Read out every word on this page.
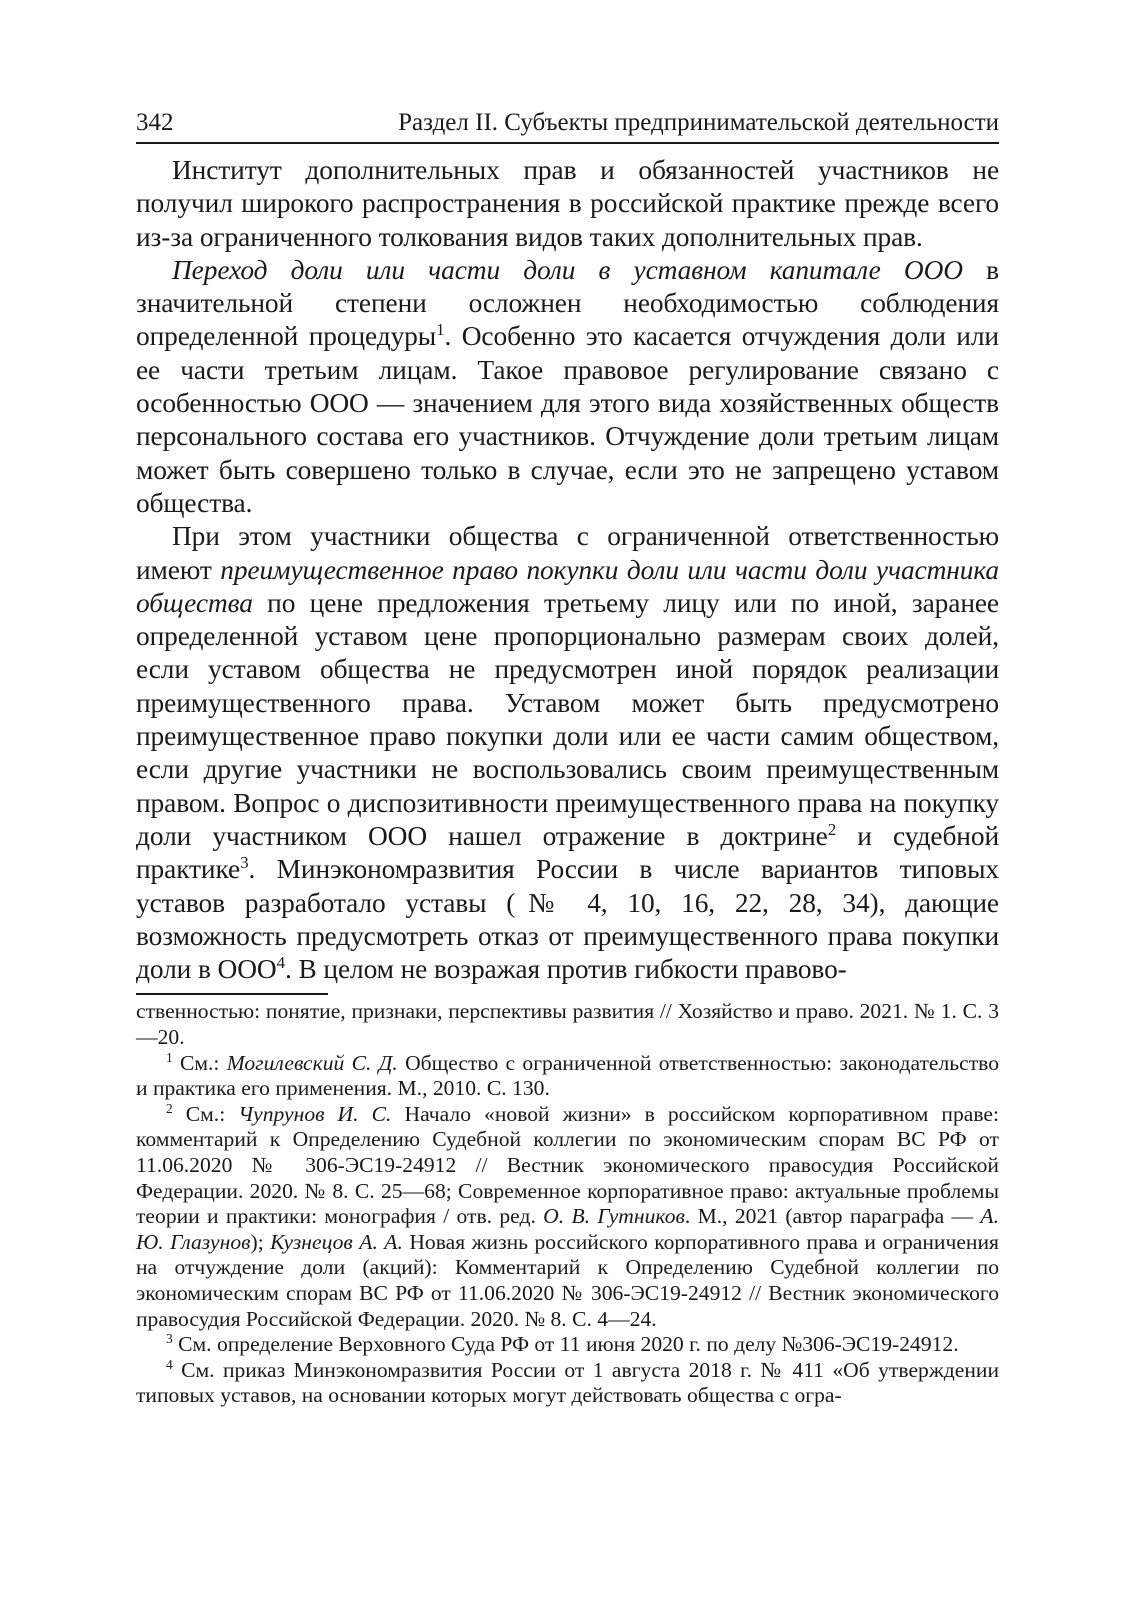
342	Раздел II. Субъекты предпринимательской деятельности

Институт дополнительных прав и обязанностей участников не получил широкого распространения в российской практике прежде всего из-за ограниченного толкования видов таких дополнительных прав.

Переход доли или части доли в уставном капитале ООО в значительной степени осложнен необходимостью соблюдения определенной процедуры$^1$. Особенно это касается отчуждения доли или ее части третьим лицам. Такое правовое регулирование связано с особенностью ООО — значением для этого вида хозяйственных обществ персонального состава его участников. Отчуждение доли третьим лицам может быть совершено только в случае, если это не запрещено уставом общества.

При этом участники общества с ограниченной ответственностью имеют преимущественное право покупки доли или части доли участника общества по цене предложения третьему лицу или по иной, заранее определенной уставом цене пропорционально размерам своих долей, если уставом общества не предусмотрен иной порядок реализации преимущественного права. Уставом может быть предусмотрено преимущественное право покупки доли или ее части самим обществом, если другие участники не воспользовались своим преимущественным правом. Вопрос о диспозитивности преимущественного права на покупку доли участником ООО нашел отражение в доктрине$^2$ и судебной практике$^3$. Минэкономразвития России в числе вариантов типовых уставов разработало уставы (№ 4, 10, 16, 22, 28, 34), дающие возможность предусмотреть отказ от преимущественного права покупки доли в ООО$^4$. В целом не возражая против гибкости правово-

ственностью: понятие, признаки, перспективы развития // Хозяйство и право. 2021. № 1. С. 3—20.

$^1$ См.: Могилевский С. Д. Общество с ограниченной ответственностью: законодательство и практика его применения. М., 2010. С. 130.

$^2$ См.: Чупрунов И. С. Начало «новой жизни» в российском корпоративном праве: комментарий к Определению Судебной коллегии по экономическим спорам ВС РФ от 11.06.2020 № 306-ЭС19-24912 // Вестник экономического правосудия Российской Федерации. 2020. № 8. С. 25—68; Современное корпоративное право: актуальные проблемы теории и практики: монография / отв. ред. О. В. Гутников. М., 2021 (автор параграфа — А. Ю. Глазунов); Кузнецов А. А. Новая жизнь российского корпоративного права и ограничения на отчуждение доли (акций): Комментарий к Определению Судебной коллегии по экономическим спорам ВС РФ от 11.06.2020 № 306-ЭС19-24912 // Вестник экономического правосудия Российской Федерации. 2020. № 8. С. 4—24.

$^3$ См. определение Верховного Суда РФ от 11 июня 2020 г. по делу №306-ЭС19-24912.

$^4$ См. приказ Минэкономразвития России от 1 августа 2018 г. № 411 «Об утверждении типовых уставов, на основании которых могут действовать общества с огра-
